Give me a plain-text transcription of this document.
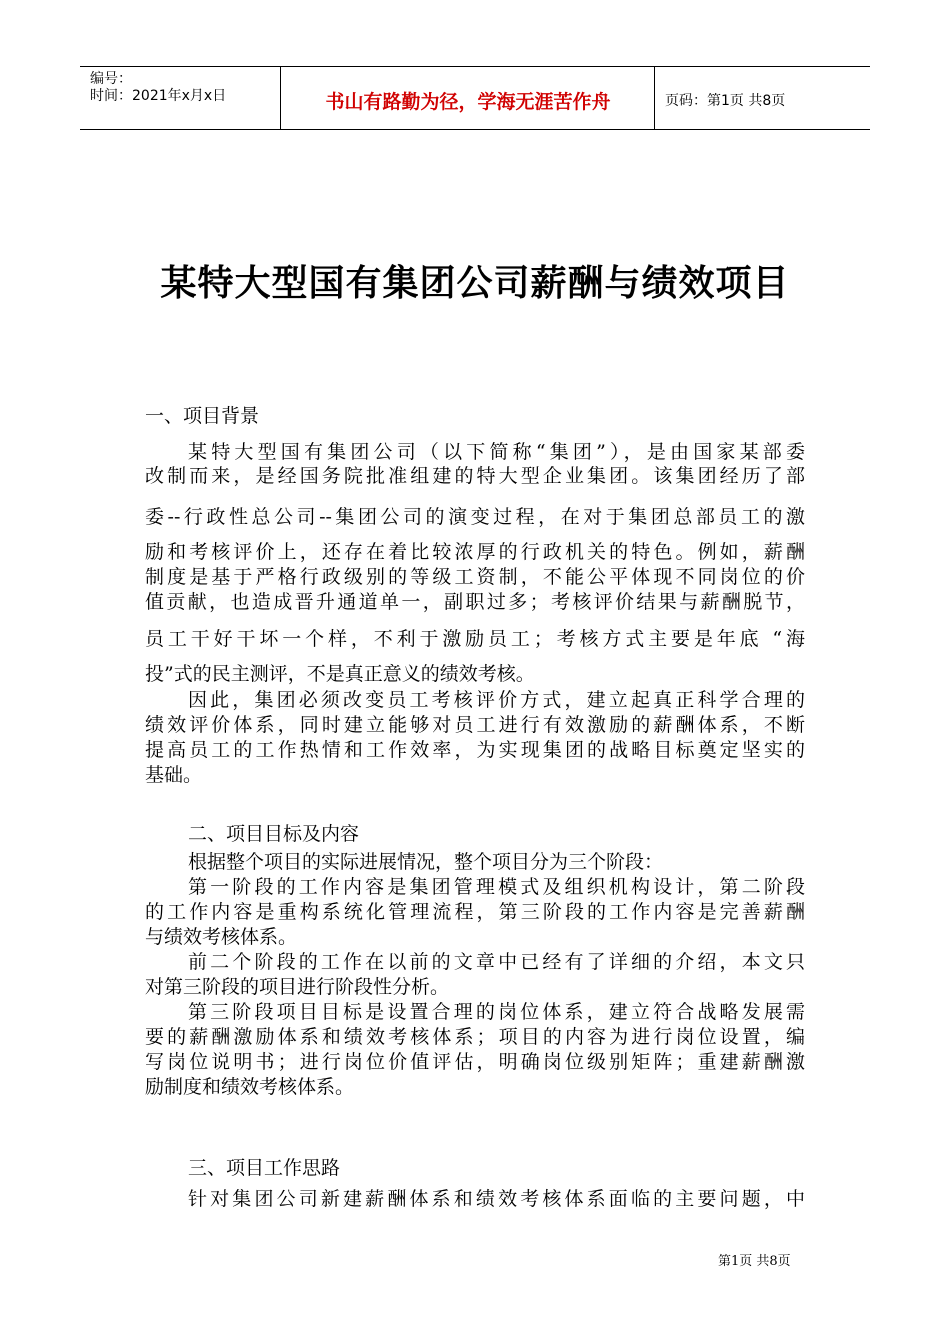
编号：
时间：2021年x月x日	书山有路勤为径，学海无涯苦作舟	页码：第1页 共8页
某特大型国有集团公司薪酬与绩效项目
一、项目背景
某特大型国有集团公司（以下简称“集团”），是由国家某部委
改制而来，是经国务院批准组建的特大型企业集团。该集团经历了部
委--行政性总公司--集团公司的演变过程，在对于集团总部员工的激
励和考核评价上，还存在着比较浓厚的行政机关的特色。例如，薪酬
制度是基于严格行政级别的等级工资制，不能公平体现不同岗位的价
值贡献，也造成晋升通道单一，副职过多；考核评价结果与薪酬脱节，
员工干好干坏一个样，不利于激励员工；考核方式主要是年底 “海
投”式的民主测评，不是真正意义的绩效考核。
因此，集团必须改变员工考核评价方式，建立起真正科学合理的
绩效评价体系，同时建立能够对员工进行有效激励的薪酬体系，不断
提高员工的工作热情和工作效率，为实现集团的战略目标奠定坚实的
基础。
二、项目目标及内容
根据整个项目的实际进展情况，整个项目分为三个阶段：
第一阶段的工作内容是集团管理模式及组织机构设计，第二阶段
的工作内容是重构系统化管理流程，第三阶段的工作内容是完善薪酬
与绩效考核体系。
前二个阶段的工作在以前的文章中已经有了详细的介绍，本文只
对第三阶段的项目进行阶段性分析。
第三阶段项目目标是设置合理的岗位体系，建立符合战略发展需
要的薪酬激励体系和绩效考核体系；项目的内容为进行岗位设置，编
写岗位说明书；进行岗位价值评估，明确岗位级别矩阵；重建薪酬激
励制度和绩效考核体系。
三、项目工作思路
针对集团公司新建薪酬体系和绩效考核体系面临的主要问题，中
第1页 共8页
